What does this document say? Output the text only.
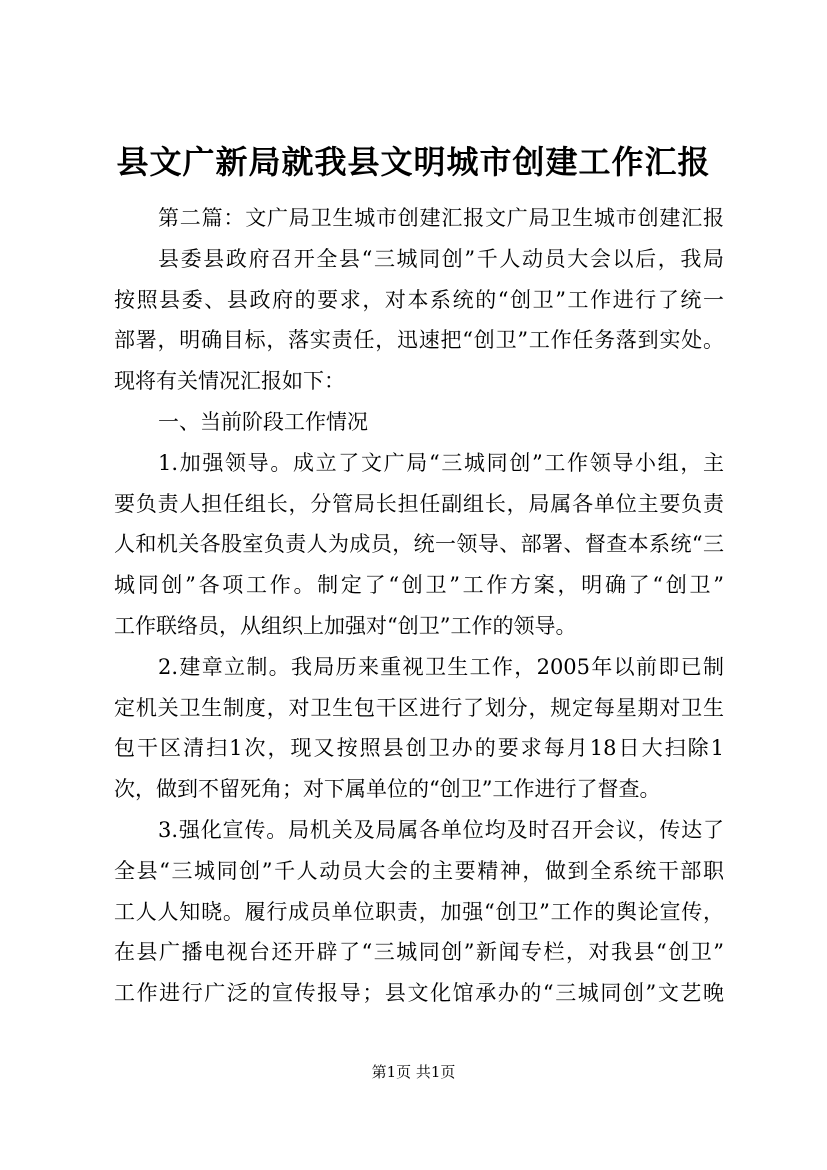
县文广新局就我县文明城市创建工作汇报
第二篇：文广局卫生城市创建汇报文广局卫生城市创建汇报
县委县政府召开全县“三城同创”千人动员大会以后，我局
按照县委、县政府的要求，对本系统的“创卫”工作进行了统一
部署，明确目标，落实责任，迅速把“创卫”工作任务落到实处。
现将有关情况汇报如下：
一、当前阶段工作情况
1.加强领导。成立了文广局“三城同创”工作领导小组，主
要负责人担任组长，分管局长担任副组长，局属各单位主要负责
人和机关各股室负责人为成员，统一领导、部署、督查本系统“三
城同创”各项工作。制定了“创卫”工作方案，明确了“创卫”
工作联络员，从组织上加强对“创卫”工作的领导。
2.建章立制。我局历来重视卫生工作，2005年以前即已制
定机关卫生制度，对卫生包干区进行了划分，规定每星期对卫生
包干区清扫1次，现又按照县创卫办的要求每月18日大扫除1
次，做到不留死角；对下属单位的“创卫”工作进行了督查。
3.强化宣传。局机关及局属各单位均及时召开会议，传达了
全县“三城同创”千人动员大会的主要精神，做到全系统干部职
工人人知晓。履行成员单位职责，加强“创卫”工作的舆论宣传，
在县广播电视台还开辟了“三城同创”新闻专栏，对我县“创卫”
工作进行广泛的宣传报导；县文化馆承办的“三城同创”文艺晚
第1页 共1页
